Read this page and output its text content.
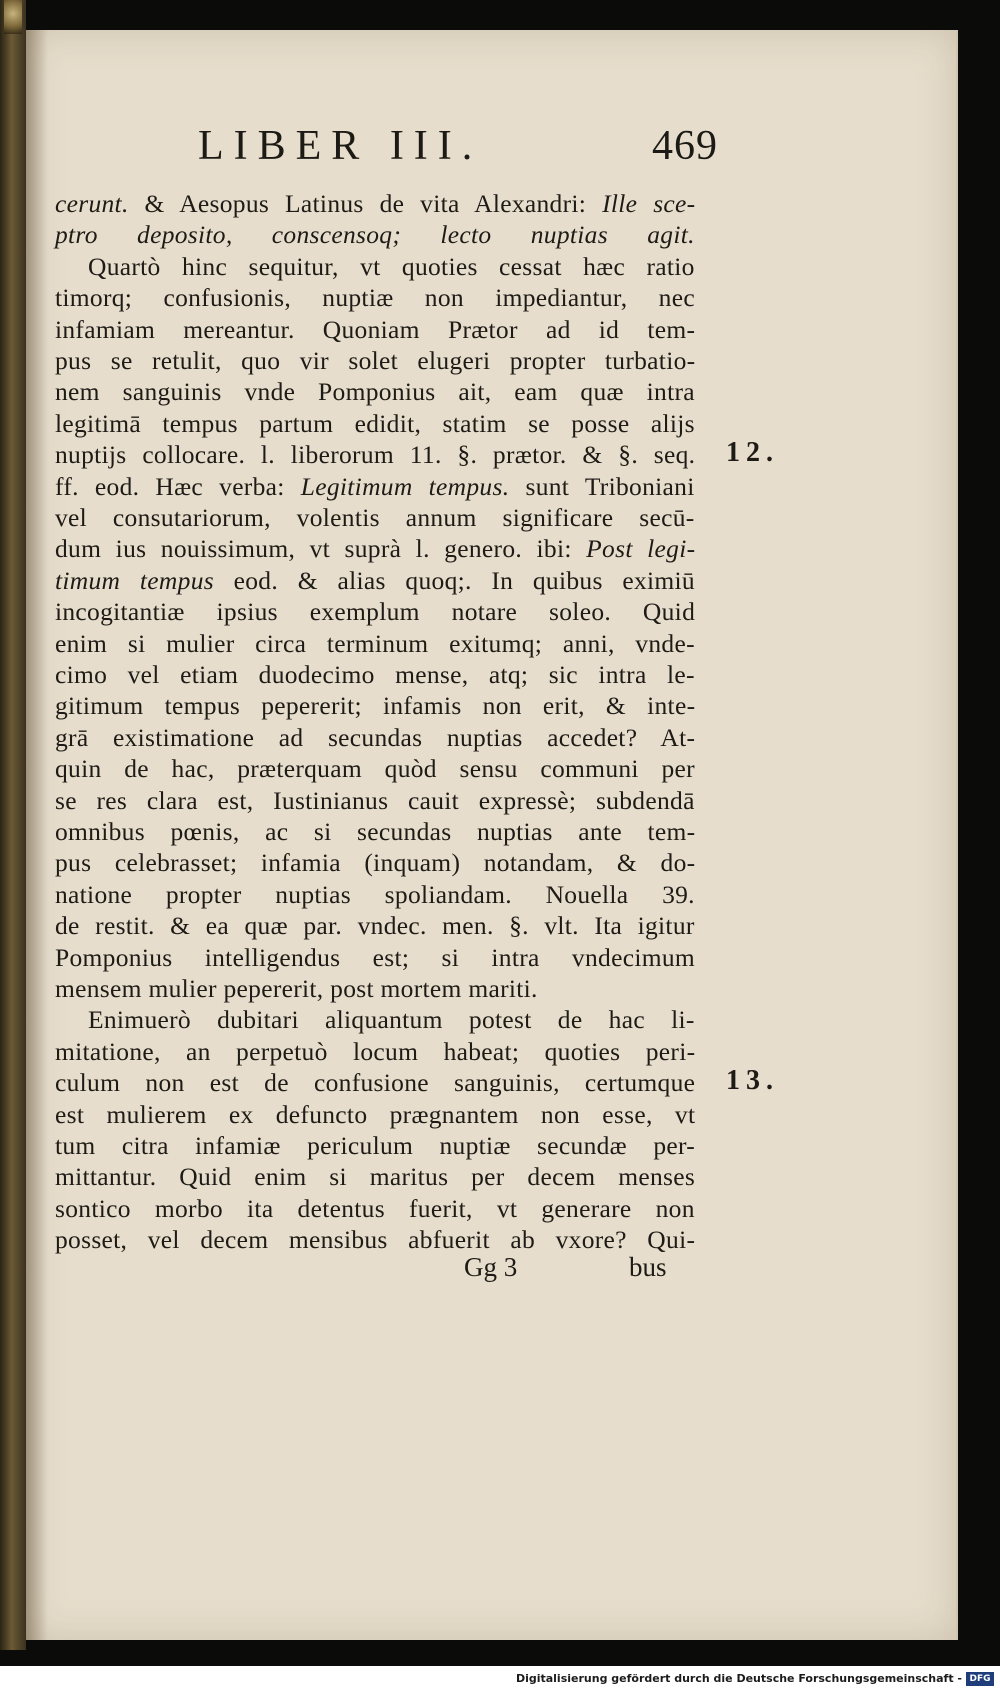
LIBER III.	469
cerunt. & Aesopus Latinus de vita Alexandri: Ille sce-
ptro deposito, conscensoq; lecto nuptias agit.
Quartò hinc sequitur, vt quoties cessat hæc ratio
timorq; confusionis, nuptiæ non impediantur, nec
infamiam mereantur. Quoniam Prætor ad id tem-
pus se retulit, quo vir solet elugeri propter turbatio-
nem sanguinis vnde Pomponius ait, eam quæ intra
legitimā tempus partum edidit, statim se posse alijs
nuptijs collocare. l. liberorum 11. §. prætor. & §. seq.
ff. eod. Hæc verba: Legitimum tempus. sunt Triboniani
vel consutariorum, volentis annum significare secū-
dum ius nouissimum, vt suprà l. genero. ibi: Post legi-
timum tempus eod. & alias quoq;. In quibus eximiū
incogitantiæ ipsius exemplum notare soleo. Quid
enim si mulier circa terminum exitumq; anni, vnde-
cimo vel etiam duodecimo mense, atq; sic intra le-
gitimum tempus pepererit; infamis non erit, & inte-
grā existimatione ad secundas nuptias accedet? At-
quin de hac, præterquam quòd sensu communi per
se res clara est, Iustinianus cauit expressè; subdendā
omnibus pœnis, ac si secundas nuptias ante tem-
pus celebrasset; infamia (inquam) notandam, & do-
natione propter nuptias spoliandam. Nouella 39.
de restit. & ea quæ par. vndec. men. §. vlt. Ita igitur
Pomponius intelligendus est; si intra vndecimum
mensem mulier pepererit, post mortem mariti.
Enimuerò dubitari aliquantum potest de hac li-
mitatione, an perpetuò locum habeat; quoties peri-
culum non est de confusione sanguinis, certumque
est mulierem ex defuncto prægnantem non esse, vt
tum citra infamiæ periculum nuptiæ secundæ per-
mittantur. Quid enim si maritus per decem menses
sontico morbo ita detentus fuerit, vt generare non
posset, vel decem mensibus abfuerit ab vxore? Qui-
Gg 3	bus
12.
13.
Digitalisierung gefördert durch die Deutsche Forschungsgemeinschaft - DFG
